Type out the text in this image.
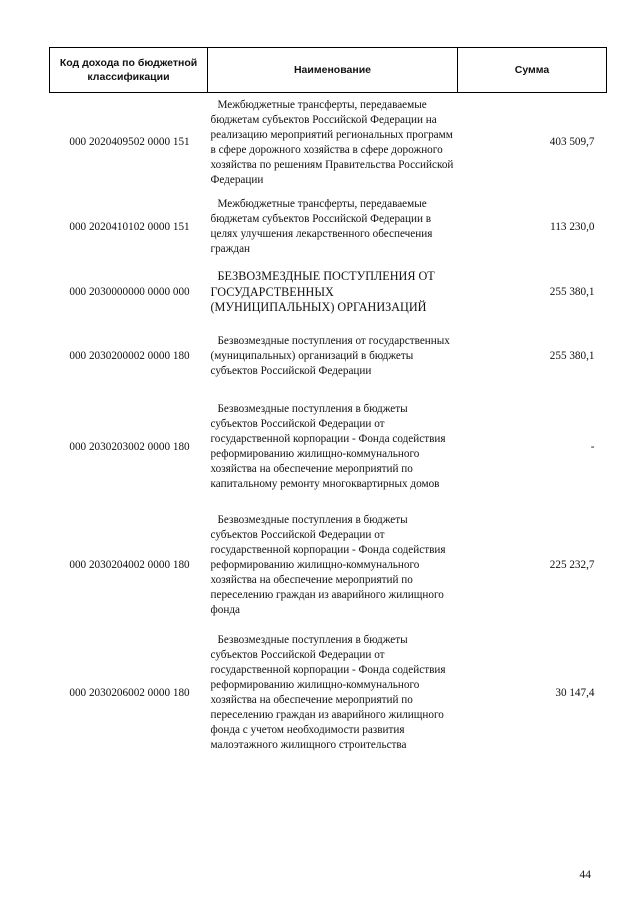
Код дохода по бюджетной классификации	Наименование	Сумма
000 2020409502 0000 151	Межбюджетные трансферты, передаваемые бюджетам субъектов Российской Федерации на реализацию мероприятий региональных программ в сфере дорожного хозяйства в сфере дорожного хозяйства по решениям Правительства Российской Федерации	403 509,7
000 2020410102 0000 151	Межбюджетные трансферты, передаваемые бюджетам субъектов Российской Федерации в целях улучшения лекарственного обеспечения граждан	113 230,0
000 2030000000 0000 000	БЕЗВОЗМЕЗДНЫЕ ПОСТУПЛЕНИЯ ОТ ГОСУДАРСТВЕННЫХ (МУНИЦИПАЛЬНЫХ) ОРГАНИЗАЦИЙ	255 380,1
000 2030200002 0000 180	Безвозмездные поступления от государственных (муниципальных) организаций в бюджеты субъектов Российской Федерации	255 380,1
000 2030203002 0000 180	Безвозмездные поступления в бюджеты субъектов Российской Федерации от государственной корпорации - Фонда содействия реформированию жилищно-коммунального хозяйства на обеспечение мероприятий по капитальному ремонту многоквартирных домов	-
000 2030204002 0000 180	Безвозмездные поступления в бюджеты субъектов Российской Федерации от государственной корпорации - Фонда содействия реформированию жилищно-коммунального хозяйства на обеспечение мероприятий по переселению граждан из аварийного жилищного фонда	225 232,7
000 2030206002 0000 180	Безвозмездные поступления в бюджеты субъектов Российской Федерации от государственной корпорации - Фонда содействия реформированию жилищно-коммунального хозяйства на обеспечение мероприятий по переселению граждан из аварийного жилищного фонда с учетом необходимости развития малоэтажного жилищного строительства	30 147,4
44
